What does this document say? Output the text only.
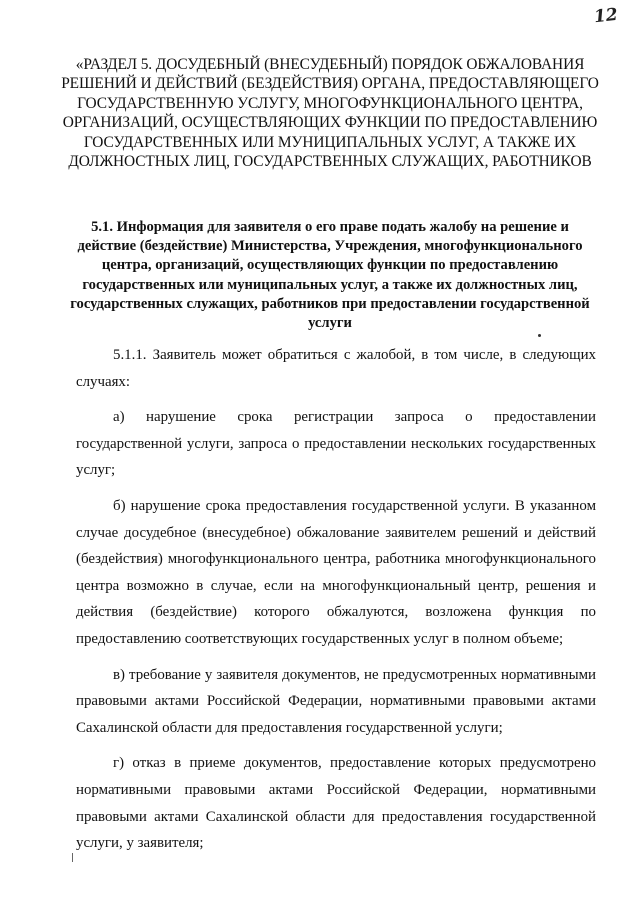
12
«РАЗДЕЛ 5. ДОСУДЕБНЫЙ (ВНЕСУДЕБНЫЙ) ПОРЯДОК ОБЖАЛОВАНИЯ РЕШЕНИЙ И ДЕЙСТВИЙ (БЕЗДЕЙСТВИЯ) ОРГАНА, ПРЕДОСТАВЛЯЮЩЕГО ГОСУДАРСТВЕННУЮ УСЛУГУ, МНОГОФУНКЦИОНАЛЬНОГО ЦЕНТРА, ОРГАНИЗАЦИЙ, ОСУЩЕСТВЛЯЮЩИХ ФУНКЦИИ ПО ПРЕДОСТАВЛЕНИЮ ГОСУДАРСТВЕННЫХ ИЛИ МУНИЦИПАЛЬНЫХ УСЛУГ, А ТАКЖЕ ИХ ДОЛЖНОСТНЫХ ЛИЦ, ГОСУДАРСТВЕННЫХ СЛУЖАЩИХ, РАБОТНИКОВ
5.1. Информация для заявителя о его праве подать жалобу на решение и действие (бездействие) Министерства, Учреждения, многофункционального центра, организаций, осуществляющих функции по предоставлению государственных или муниципальных услуг, а также их должностных лиц, государственных служащих, работников при предоставлении государственной услуги

5.1.1. Заявитель может обратиться с жалобой, в том числе, в следующих случаях:

а) нарушение срока регистрации запроса о предоставлении государственной услуги, запроса о предоставлении нескольких государственных услуг;

б) нарушение срока предоставления государственной услуги. В указанном случае досудебное (внесудебное) обжалование заявителем решений и действий (бездействия) многофункционального центра, работника многофункционального центра возможно в случае, если на многофункциональный центр, решения и действия (бездействие) которого обжалуются, возложена функция по предоставлению соответствующих государственных услуг в полном объеме;

в) требование у заявителя документов, не предусмотренных нормативными правовыми актами Российской Федерации, нормативными правовыми актами Сахалинской области для предоставления государственной услуги;

г) отказ в приеме документов, предоставление которых предусмотрено нормативными правовыми актами Российской Федерации, нормативными правовыми актами Сахалинской области для предоставления государственной услуги, у заявителя;
